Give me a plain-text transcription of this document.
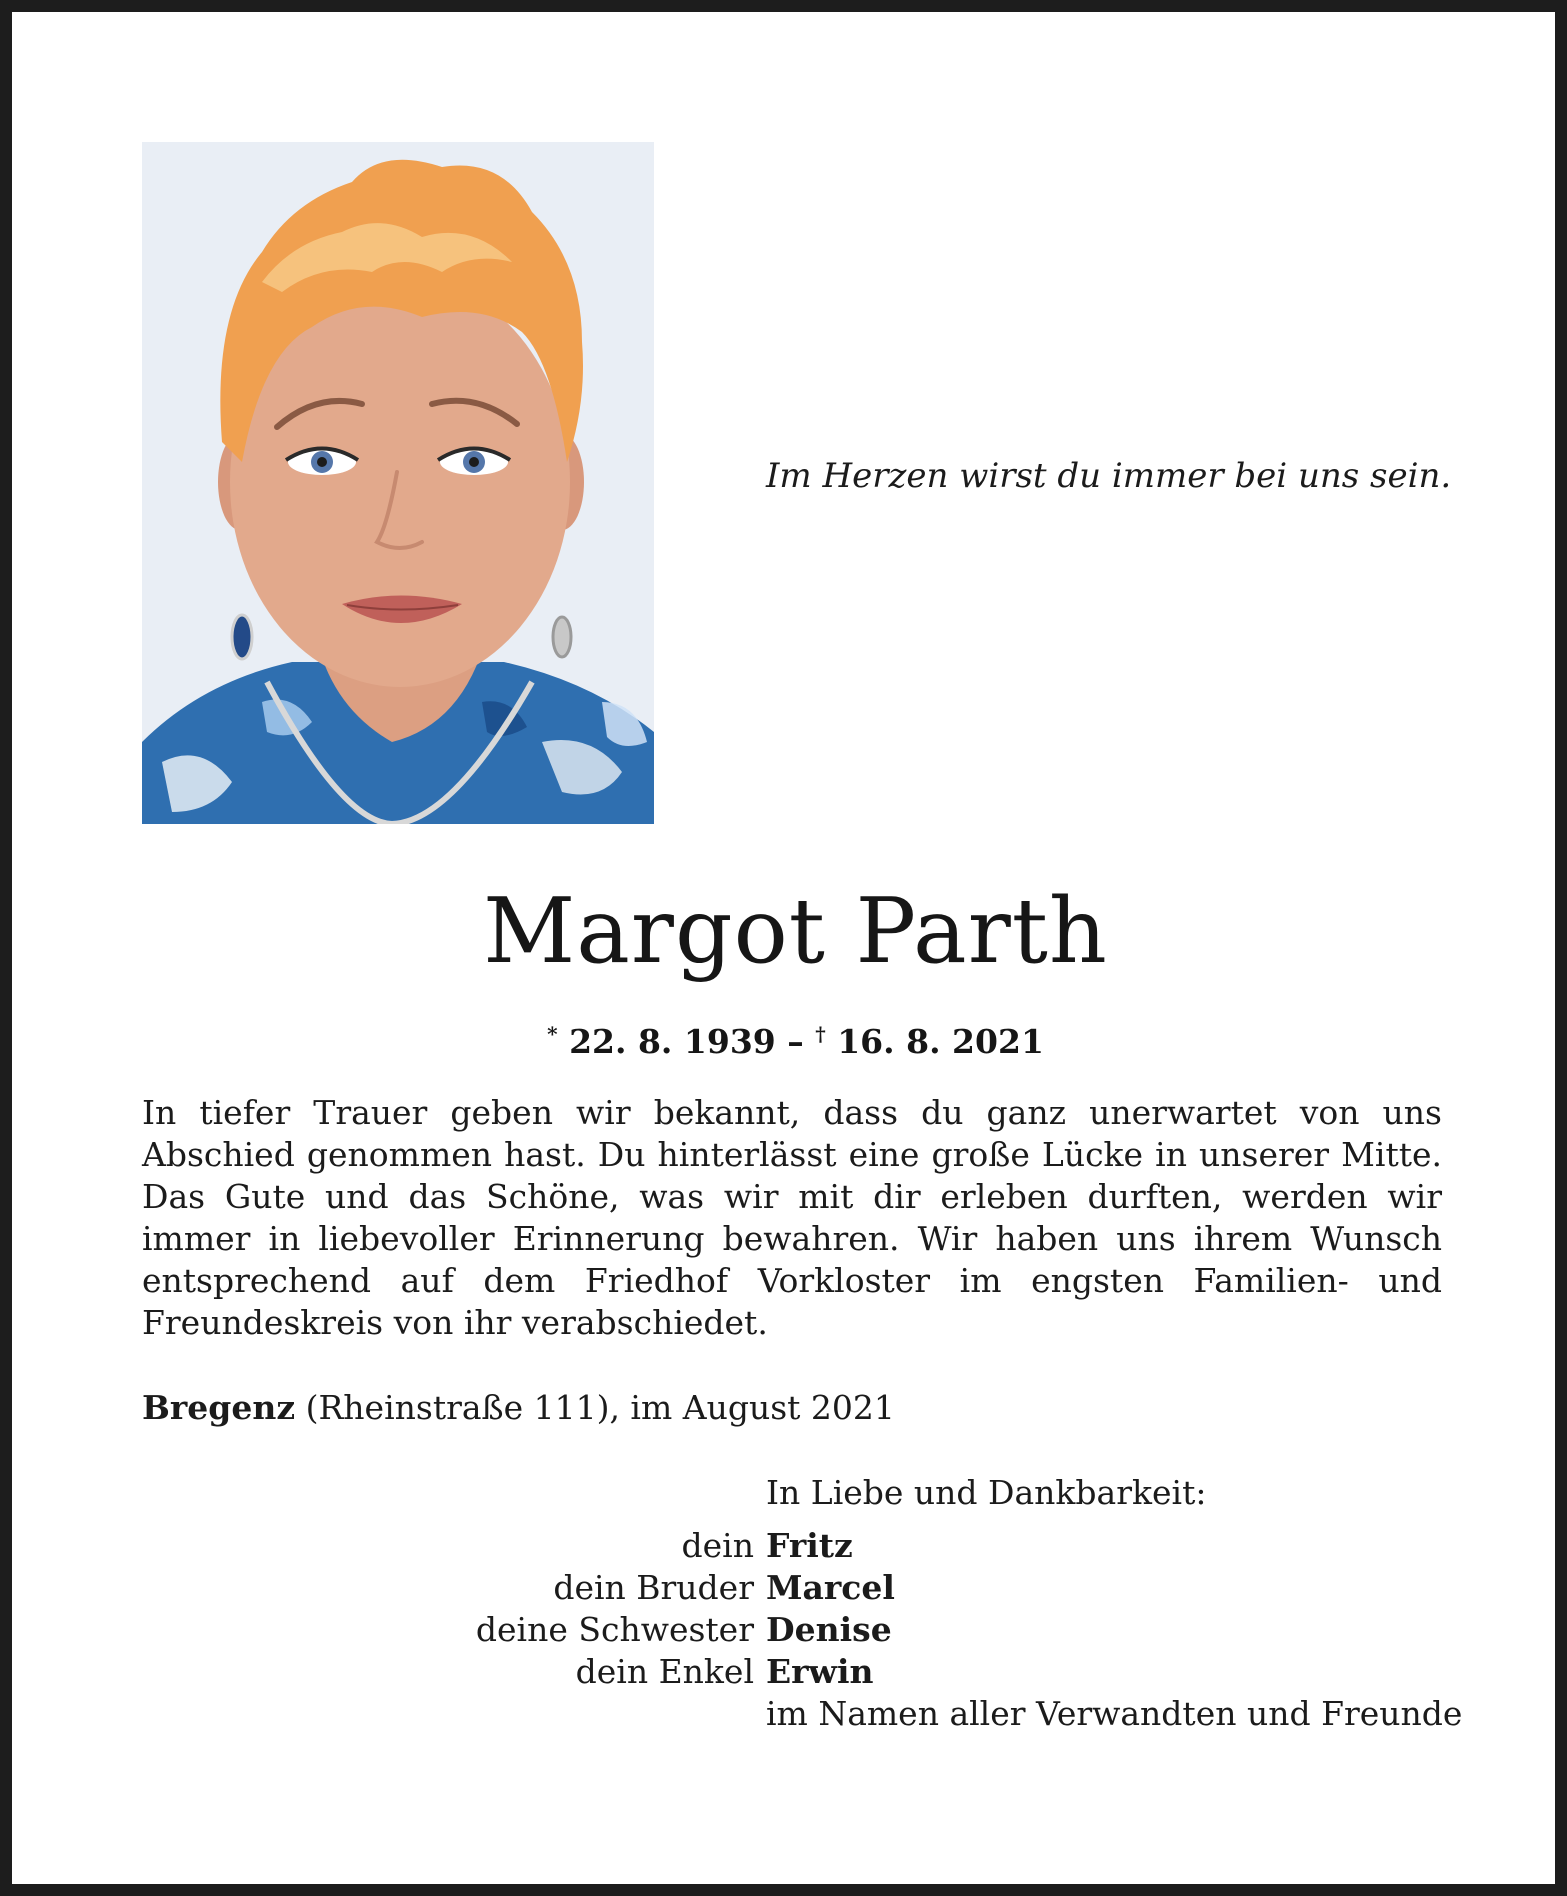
Im Herzen wirst du immer bei uns sein.
Margot Parth
* 22. 8. 1939 – † 16. 8. 2021
In tiefer Trauer geben wir bekannt, dass du ganz unerwartet von uns Abschied genommen hast. Du hinterlässt eine große Lücke in unserer Mitte. Das Gute und das Schöne, was wir mit dir erleben durften, werden wir immer in liebevoller Erinnerung bewahren. Wir haben uns ihrem Wunsch entsprechend auf dem Friedhof Vorkloster im engsten Familien- und Freundeskreis von ihr verabschiedet.
Bregenz (Rheinstraße 111), im August 2021
In Liebe und Dankbarkeit:
dein Fritz
dein Bruder Marcel
deine Schwester Denise
dein Enkel Erwin
im Namen aller Verwandten und Freunde
